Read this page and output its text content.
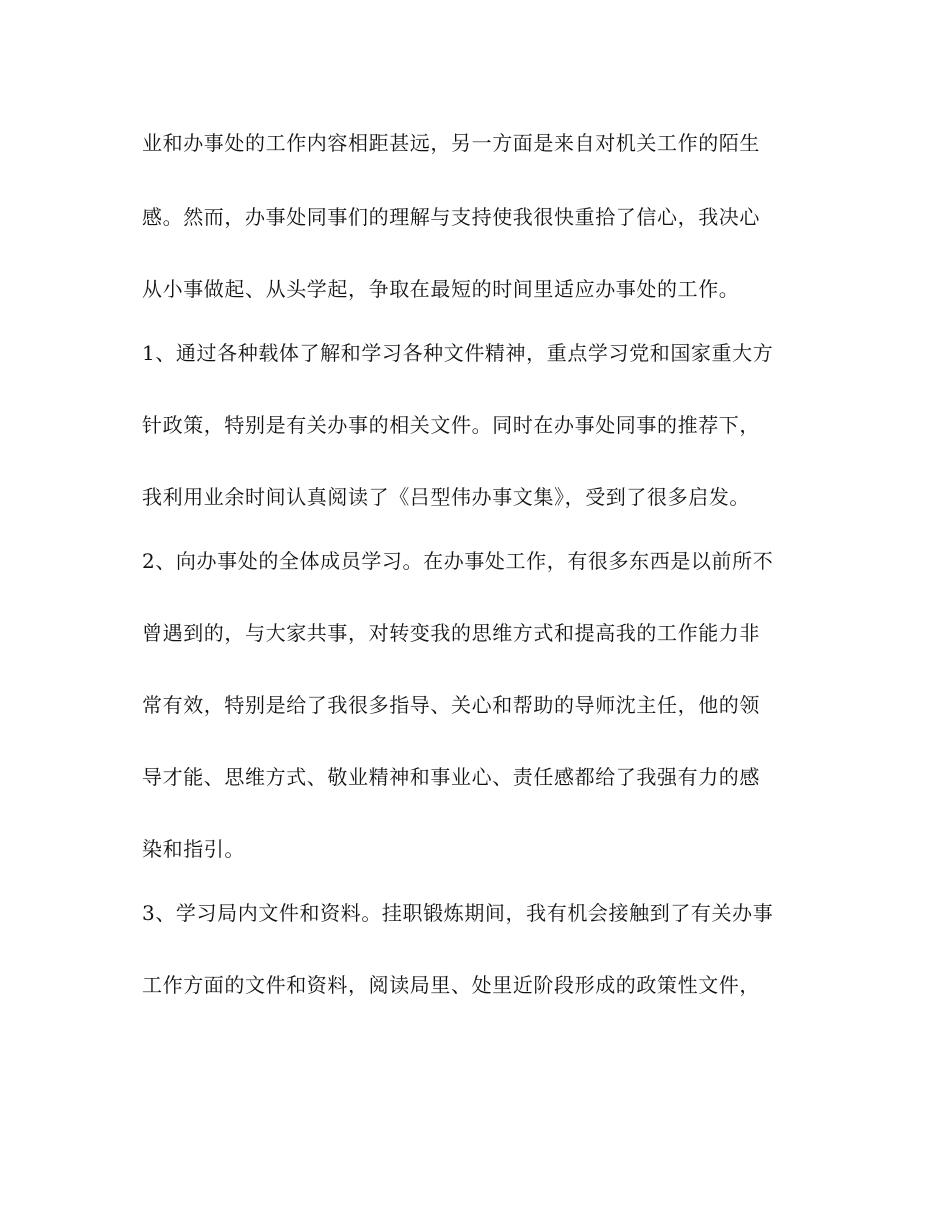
业和办事处的工作内容相距甚远，另一方面是来自对机关工作的陌生
感。然而，办事处同事们的理解与支持使我很快重拾了信心，我决心
从小事做起、从头学起，争取在最短的时间里适应办事处的工作。
1、通过各种载体了解和学习各种文件精神，重点学习党和国家重大方
针政策，特别是有关办事的相关文件。同时在办事处同事的推荐下，
我利用业余时间认真阅读了《吕型伟办事文集》，受到了很多启发。
2、向办事处的全体成员学习。在办事处工作，有很多东西是以前所不
曾遇到的，与大家共事，对转变我的思维方式和提高我的工作能力非
常有效，特别是给了我很多指导、关心和帮助的导师沈主任，他的领
导才能、思维方式、敬业精神和事业心、责任感都给了我强有力的感
染和指引。
3、学习局内文件和资料。挂职锻炼期间，我有机会接触到了有关办事
工作方面的文件和资料，阅读局里、处里近阶段形成的政策性文件，
